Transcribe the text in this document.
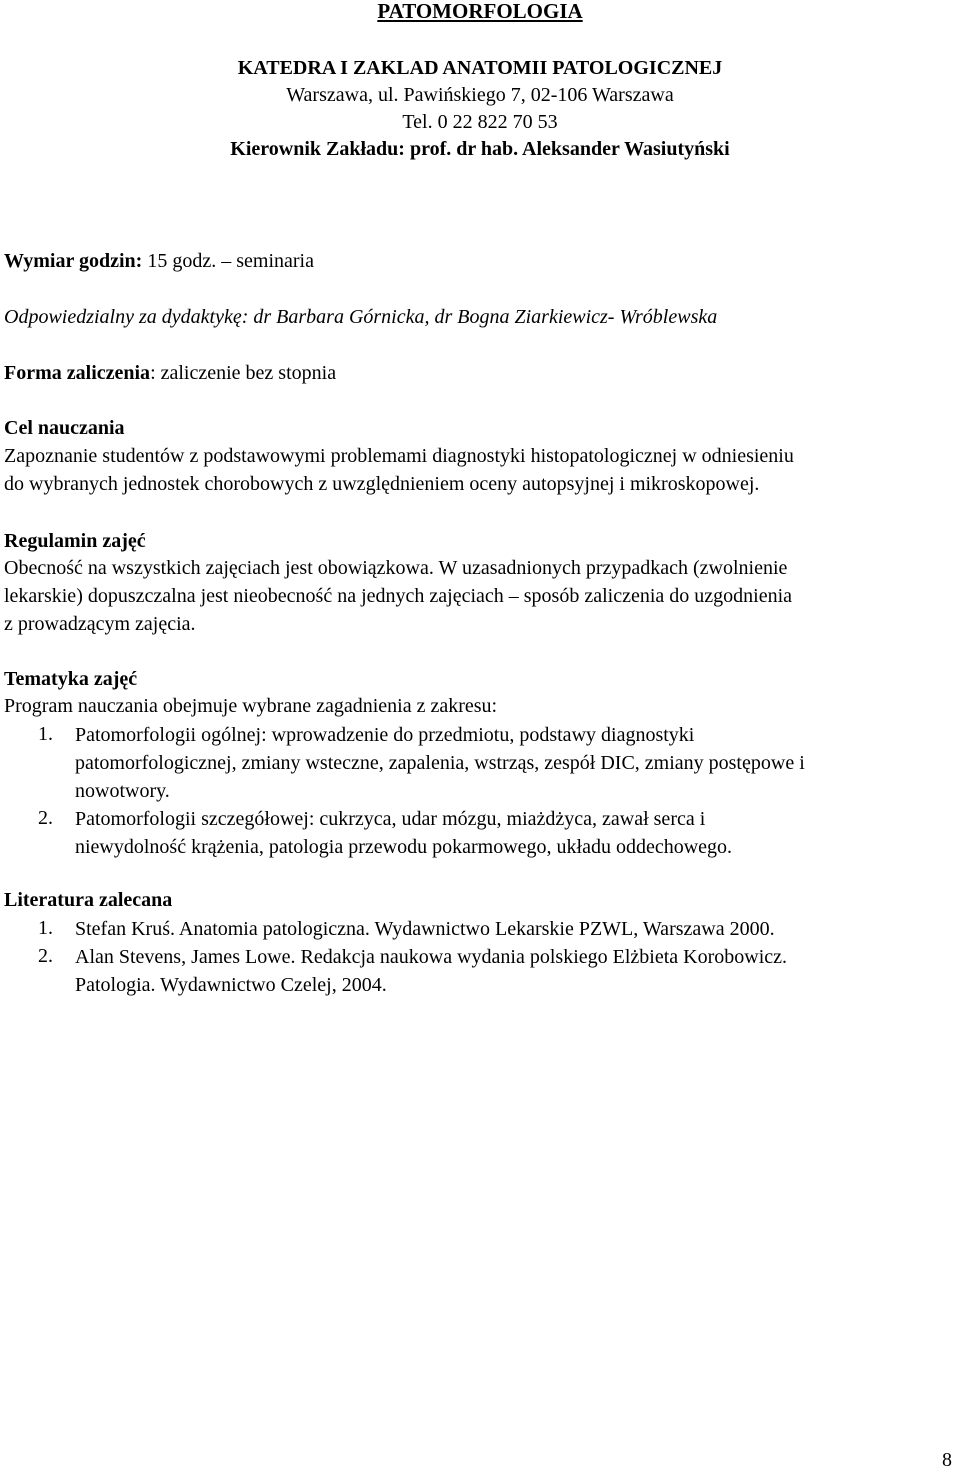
PATOMORFOLOGIA
KATEDRA I ZAKLAD ANATOMII PATOLOGICZNEJ
Warszawa, ul. Pawińskiego 7, 02-106 Warszawa
Tel. 0 22 822 70 53
Kierownik Zakładu: prof. dr hab. Aleksander Wasiutyński
Wymiar godzin: 15 godz. – seminaria
Odpowiedzialny za dydaktykę: dr Barbara Górnicka, dr Bogna Ziarkiewicz- Wróblewska
Forma zaliczenia: zaliczenie bez stopnia
Cel nauczania
Zapoznanie studentów z podstawowymi problemami diagnostyki histopatologicznej w odniesieniu
do wybranych jednostek chorobowych z uwzględnieniem oceny autopsyjnej i mikroskopowej.
Regulamin zajęć
Obecność na wszystkich zajęciach jest obowiązkowa. W uzasadnionych przypadkach (zwolnienie
lekarskie) dopuszczalna jest nieobecność na jednych zajęciach – sposób zaliczenia do uzgodnienia
z prowadzącym zajęcia.
Tematyka zajęć
Program nauczania obejmuje wybrane zagadnienia z zakresu:
1.	Patomorfologii ogólnej: wprowadzenie do przedmiotu, podstawy diagnostyki
patomorfologicznej, zmiany wsteczne, zapalenia, wstrząs, zespół DIC, zmiany postępowe i
nowotwory.
2.	Patomorfologii szczegółowej: cukrzyca, udar mózgu, miażdżyca, zawał serca i
niewydolność krążenia, patologia przewodu pokarmowego, układu oddechowego.
Literatura zalecana
1.	Stefan Kruś. Anatomia patologiczna. Wydawnictwo Lekarskie PZWL, Warszawa 2000.
2.	Alan Stevens, James Lowe. Redakcja naukowa wydania polskiego Elżbieta Korobowicz.
Patologia. Wydawnictwo Czelej, 2004.
8
